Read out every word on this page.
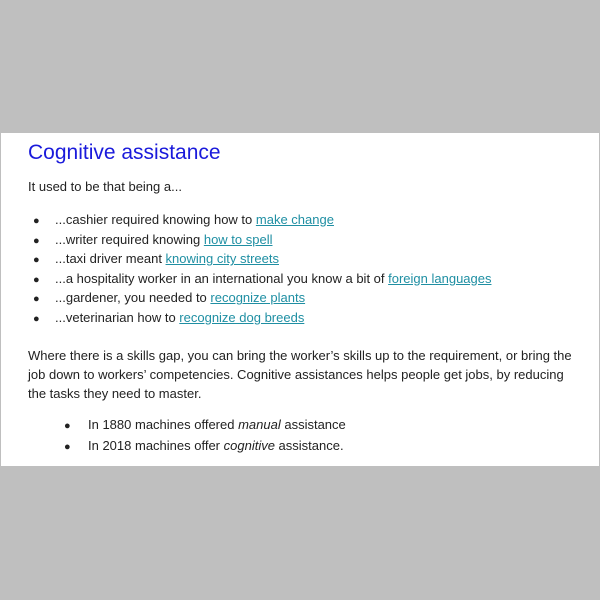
Cognitive assistance

It used to be that being a...

● ...cashier required knowing how to make change
● ...writer required knowing how to spell
● ...taxi driver meant knowing city streets
● ...a hospitality worker in an international you know a bit of foreign languages
● ...gardener, you needed to recognize plants
● ...veterinarian how to recognize dog breeds

Where there is a skills gap, you can bring the worker’s skills up to the requirement, or bring the job down to workers’ competencies. Cognitive assistances helps people get jobs, by reducing the tasks they need to master.

● In 1880 machines offered manual assistance
● In 2018 machines offer cognitive assistance.
